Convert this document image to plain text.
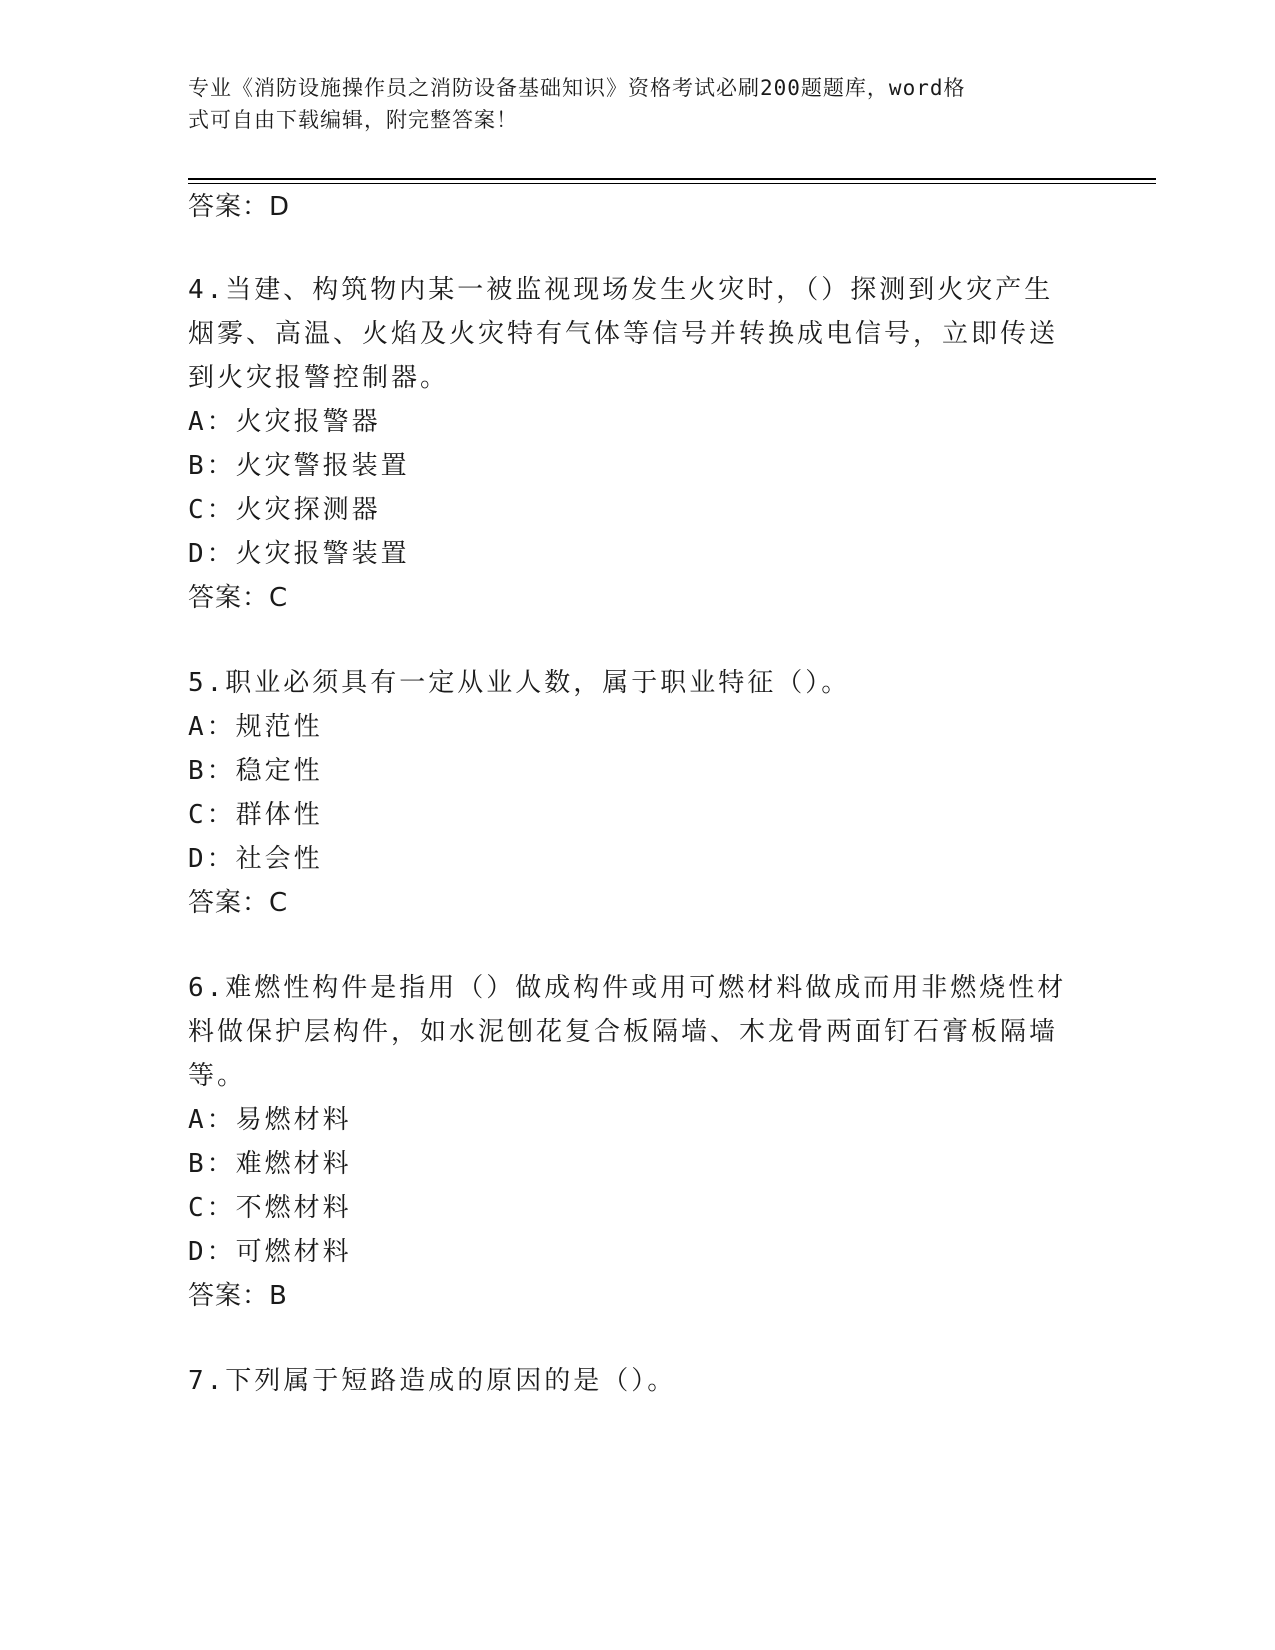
专业《消防设施操作员之消防设备基础知识》资格考试必刷200题题库，word格
式可自由下载编辑，附完整答案！
答案：D
4.当建、构筑物内某一被监视现场发生火灾时，（）探测到火灾产生
烟雾、高温、火焰及火灾特有气体等信号并转换成电信号，立即传送
到火灾报警控制器。
A：火灾报警器
B：火灾警报装置
C：火灾探测器
D：火灾报警装置
答案：C
5.职业必须具有一定从业人数，属于职业特征（）。
A：规范性
B：稳定性
C：群体性
D：社会性
答案：C
6.难燃性构件是指用（）做成构件或用可燃材料做成而用非燃烧性材
料做保护层构件，如水泥刨花复合板隔墙、木龙骨两面钉石膏板隔墙
等。
A：易燃材料
B：难燃材料
C：不燃材料
D：可燃材料
答案：B
7.下列属于短路造成的原因的是（）。
